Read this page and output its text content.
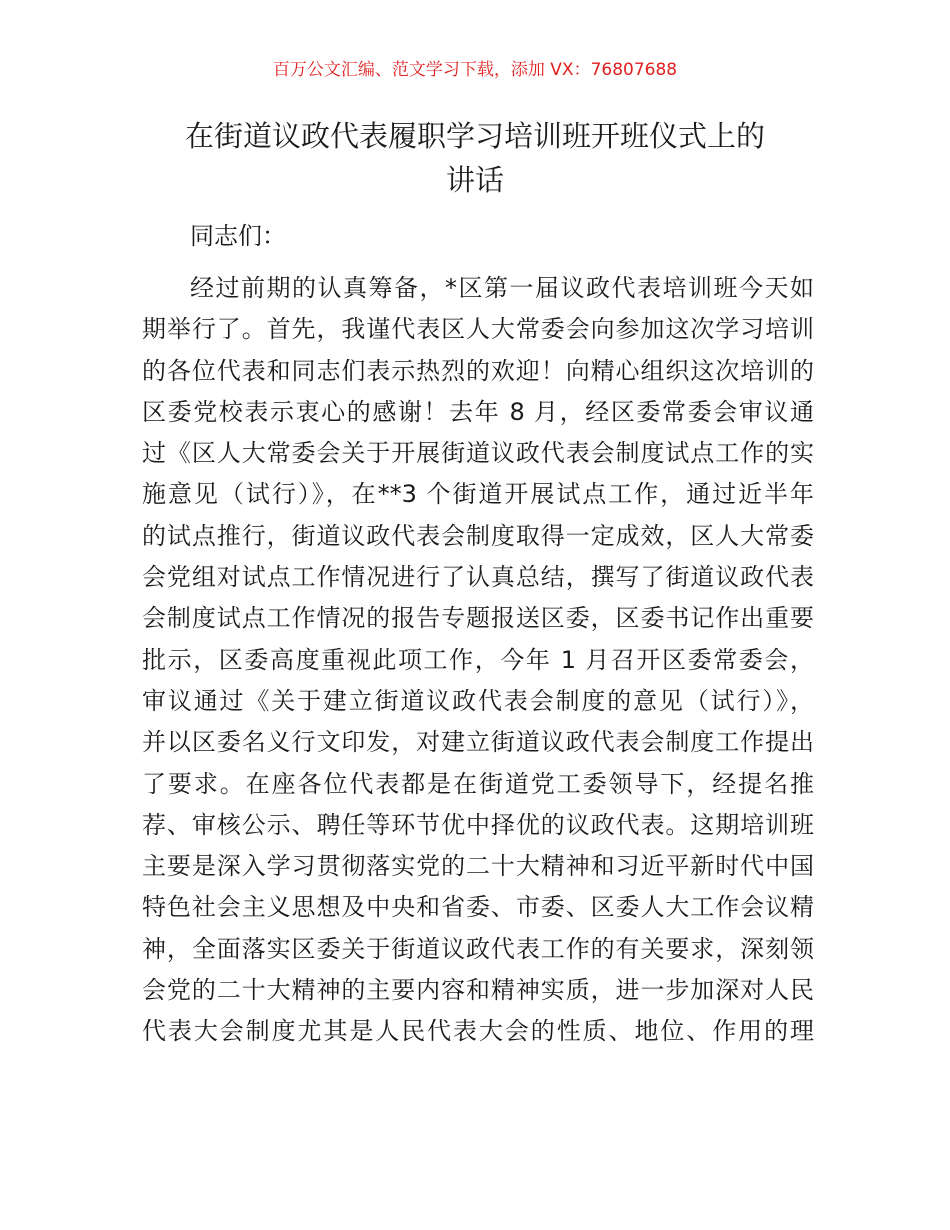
百万公文汇编、范文学习下载，添加 VX：76807688
在街道议政代表履职学习培训班开班仪式上的
讲话
同志们：
经过前期的认真筹备，*区第一届议政代表培训班今天如
期举行了。首先，我谨代表区人大常委会向参加这次学习培训
的各位代表和同志们表示热烈的欢迎！向精心组织这次培训的
区委党校表示衷心的感谢！去年 8 月，经区委常委会审议通
过《区人大常委会关于开展街道议政代表会制度试点工作的实
施意见（试行）》，在**3 个街道开展试点工作，通过近半年
的试点推行，街道议政代表会制度取得一定成效，区人大常委
会党组对试点工作情况进行了认真总结，撰写了街道议政代表
会制度试点工作情况的报告专题报送区委，区委书记作出重要
批示，区委高度重视此项工作，今年 1 月召开区委常委会，
审议通过《关于建立街道议政代表会制度的意见（试行）》，
并以区委名义行文印发，对建立街道议政代表会制度工作提出
了要求。在座各位代表都是在街道党工委领导下，经提名推
荐、审核公示、聘任等环节优中择优的议政代表。这期培训班
主要是深入学习贯彻落实党的二十大精神和习近平新时代中国
特色社会主义思想及中央和省委、市委、区委人大工作会议精
神，全面落实区委关于街道议政代表工作的有关要求，深刻领
会党的二十大精神的主要内容和精神实质，进一步加深对人民
代表大会制度尤其是人民代表大会的性质、地位、作用的理
